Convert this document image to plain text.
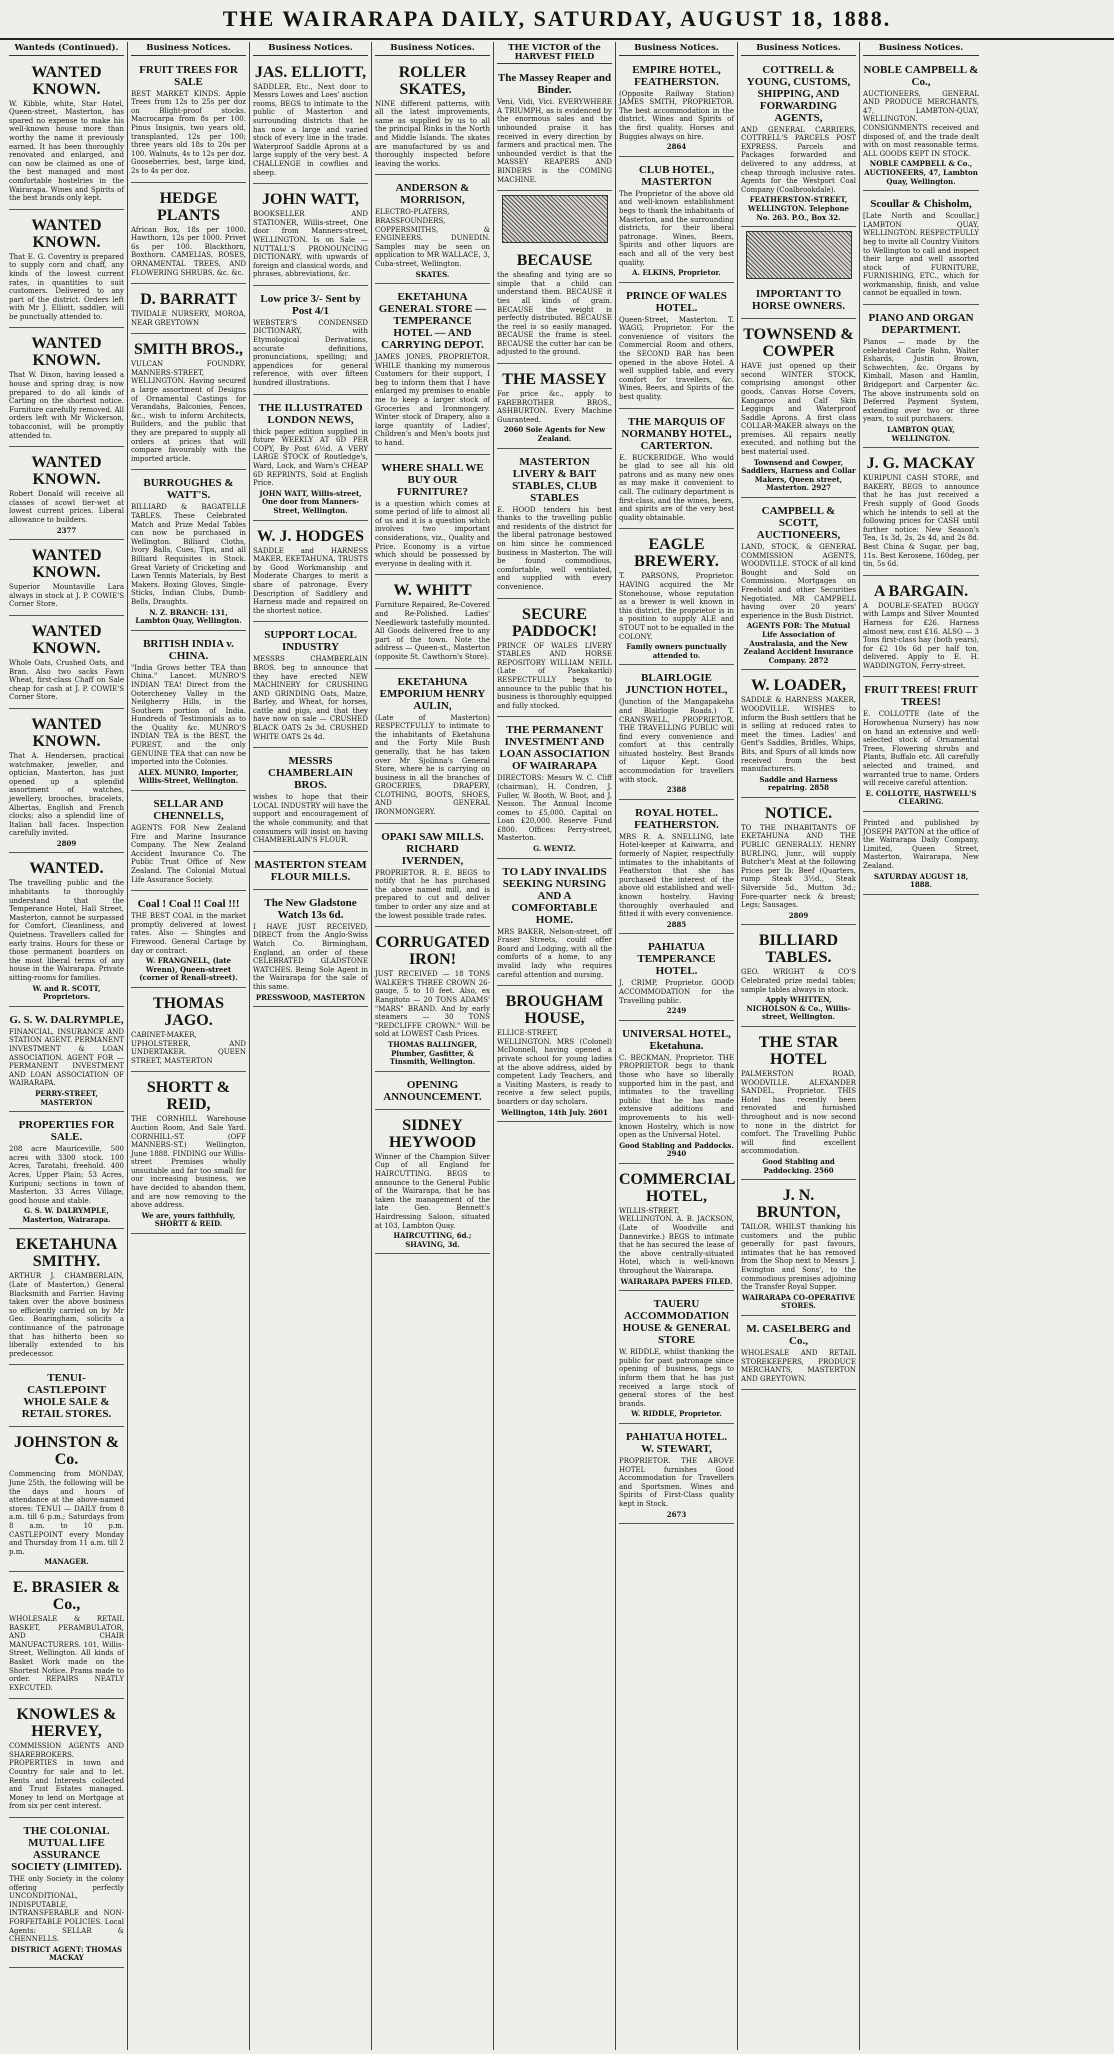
THE WAIRARAPA DAILY, SATURDAY, AUGUST 18, 1888.
Wanteds (Continued).
WANTED KNOWN.
W. Kibble, white, Star Hotel, Queen-street, Masterton, has spared no expense to make his well-known house more than worthy the name it previously earned. It has been thoroughly renovated and enlarged, and can now be claimed as one of the best managed and most comfortable hostelries in the Wairarapa. Wines and Spirits of the best brands only kept.
WANTED KNOWN.
That E. G. Coventry is prepared to supply corn and chaff, any kinds of the lowest current rates, in quantities to suit customers. Delivered to any part of the district. Orders left with Mr J. Elliott, saddler, will be punctually attended to.
WANTED KNOWN.
That W. Dixon, having leased a house and spring dray, is now prepared to do all kinds of Carting on the shortest notice. Furniture carefully removed. All orders left with Mr Wickerson, tobacconist, will be promptly attended to.
WANTED KNOWN.
Robert Donald will receive all classes of scowl tier-wet at lowest current prices. Liberal allowance to builders.
2377
WANTED KNOWN.
Superior Mountaville Lara always in stock at J. P. COWIE'S Corner Store.
WANTED KNOWN.
Whole Oats, Crushed Oats, and Bran. Also two sacks Fawn Wheat, first-class Chaff on Sale cheap for cash at J. P. COWIE'S Corner Store.
WANTED KNOWN.
That A. Hendersen, practical watchmaker, jeweller, and optician, Masterton, has just opened up a splendid assortment of watches, jewellery, brooches, bracelets, Albertas, English and French clocks; also a splendid line of Italian ball faces. Inspection carefully invited.
2809
WANTED.
The travelling public and the inhabitants to thoroughly understand that the Temperance Hotel, Hall Street, Masterton, cannot be surpassed for Comfort, Cleanliness, and Quietness. Travellers called for early trains. Hours for these or those permanent boarders on the most liberal terms of any house in the Wairarapa. Private sitting-rooms for families.
W. and R. SCOTT, Proprietors.
G. S. W. DALRYMPLE,
FINANCIAL, INSURANCE AND STATION AGENT. PERMANENT INVESTMENT & LOAN ASSOCIATION. AGENT FOR — PERMANENT INVESTMENT AND LOAN ASSOCIATION OF WAIRARAPA.
PERRY-STREET, MASTERTON
PROPERTIES FOR SALE.
208 acre Mauriceville, 500 acres with 3300 stock. 100 Acres, Taratahi, freehold. 400 Acres, Upper Plain; 53 Acres, Kuripuni; sections in town of Masterton. 33 Acres Village, good house and stable.
G. S. W. DALRYMPLE, Masterton, Wairarapa.
EKETAHUNA SMITHY.
ARTHUR J. CHAMBERLAIN, (Late of Masterton,) General Blacksmith and Farrier. Having taken over the above business so efficiently carried on by Mr Geo. Boaringham, solicits a continuance of the patronage that has hitherto been so liberally extended to his predecessor.
TENUI-CASTLEPOINT WHOLE SALE & RETAIL STORES.
JOHNSTON & Co.
Commencing from MONDAY, June 25th, the following will be the days and hours of attendance at the above-named stores: TENUI — DAILY from 8 a.m. till 6 p.m.; Saturdays from 8 a.m. to 10 p.m. CASTLEPOINT every Monday and Thursday from 11 a.m. till 2 p.m.
MANAGER.
E. BRASIER & Co.,
WHOLESALE & RETAIL BASKET, PERAMBULATOR, AND CHAIR MANUFACTURERS. 101, Willis-Street, Wellington. All kinds of Basket Work made on the Shortest Notice. Prams made to order. REPAIRS NEATLY EXECUTED.
KNOWLES & HERVEY,
COMMISSION AGENTS AND SHAREBROKERS. PROPERTIES in town and Country for sale and to let. Rents and Interests collected and Trust Estates managed. Money to lend on Mortgage at from six per cent interest.
THE COLONIAL MUTUAL LIFE ASSURANCE SOCIETY (LIMITED).
THE only Society in the colony offering perfectly UNCONDITIONAL, INDISPUTABLE, INTRANSFERABLE and NON-FORFEITABLE POLICIES. Local Agents: SELLAR & CHENNELLS.
DISTRICT AGENT: THOMAS MACKAY
Business Notices.
FRUIT TREES FOR SALE
BEST MARKET KINDS. Apple Trees from 12s to 25s per doz on Blight-proof stocks. Macrocarpa from 8s per 100. Pinus Insignis, two years old, transplanted, 12s per 100; three years old 18s to 20s per 100. Walnuts, 4s to 12s per doz. Gooseberries, best, large kind, 2s to 4s per doz.
HEDGE PLANTS
African Box, 18s per 1000. Hawthorn, 12s per 1000. Privet 6s per 100. Blackthorn, Boxthorn. CAMELIAS, ROSES, ORNAMENTAL TREES, AND FLOWERING SHRUBS, &c. &c.
D. BARRATT
TIVIDALE NURSERY, MOROA, NEAR GREYTOWN
SMITH BROS.,
VULCAN FOUNDRY, MANNERS-STREET, WELLINGTON. Having secured a large assortment of Designs of Ornamental Castings for Verandahs, Balconies, Fences, &c., wish to inform Architects, Builders, and the public that they are prepared to supply all orders at prices that will compare favourably with the imported article.
BURROUGHES & WATT'S.
BILLIARD & BAGATELLE TABLES. These Celebrated Match and Prize Medal Tables can now be purchased in Wellington. Billiard Cloths, Ivory Balls, Cues, Tips, and all Billiard Requisites in Stock. Great Variety of Cricketing and Lawn Tennis Materials, by Best Makers. Boxing Gloves, Single-Sticks, Indian Clubs, Dumb-Bells, Draughts.
N. Z. BRANCH: 131, Lambton Quay, Wellington.
BRITISH INDIA v. CHINA.
"India Grows better TEA than China." Lancet. MUNRO'S INDIAN TEA! Direct from the Ootercheney Valley in the Neilgherry Hills, in the Southern portion of India. Hundreds of Testimonials as to the Quality &c. MUNRO'S INDIAN TEA is the BEST, the PUREST, and the only GENUINE TEA that can now be imported into the Colonies.
ALEX. MUNRO, Importer, Willis-Street, Wellington.
SELLAR AND CHENNELLS,
AGENTS FOR New Zealand Fire and Marine Insurance Company. The New Zealand Accident Insurance Co. The Public Trust Office of New Zealand. The Colonial Mutual Life Assurance Society.
Coal ! Coal !! Coal !!!
THE BEST COAL in the market promptly delivered at lowest rates. Also — Shingles and Firewood. General Cartage by day or contract.
W. FRANGNELL, (late Wrenn), Queen-street (corner of Renall-street).
THOMAS JAGO.
CABINET-MAKER, UPHOLSTERER, AND UNDERTAKER. QUEEN STREET, MASTERTON
SHORTT & REID,
THE CORNHILL Warehouse Auction Room, And Sale Yard. CORNHILL-ST. (OFF MANNERS-ST.) Wellington, June 1888. FINDING our Willis-street Premises wholly unsuitable and far too small for our increasing business, we have decided to abandon them, and are now removing to the above address.
We are, yours faithfully, SHORTT & REID.
Business Notices.
JAS. ELLIOTT,
SADDLER, Etc., Next door to Messrs Lowes and Loes' auction rooms, BEGS to intimate to the public of Masterton and surrounding districts that he has now a large and varied stock of every line in the trade. Waterproof Saddle Aprons at a large supply of the very best. A CHALLENGE in cowflies and sheep.
JOHN WATT,
BOOKSELLER AND STATIONER, Willis-street, One door from Manners-street, WELLINGTON. Is on Sale — NUTTALL'S PRONOUNCING DICTIONARY, with upwards of foreign and classical words, and phrases, abbreviations, &c.
Low price 3/- Sent by Post 4/1
WEBSTER'S CONDENSED DICTIONARY, with Etymological Derivations, accurate definitions, pronunciations, spelling; and appendices for general reference, with over fifteen hundred illustrations.
THE ILLUSTRATED LONDON NEWS,
thick paper edition supplied in future WEEKLY AT 6D PER COPY, By Post 6½d. A VERY LARGE STOCK of Routledge's, Ward, Lock, and Warn's CHEAP 6D REPRINTS, Sold at English Price.
JOHN WATT, Willis-street, One door from Manners-Street, Wellington.
W. J. HODGES
SADDLE and HARNESS MAKER, EKETAHUNA, TRUSTS by Good Workmanship and Moderate Charges to merit a share of patronage. Every Description of Saddlery and Harness made and repaired on the shortest notice.
SUPPORT LOCAL INDUSTRY
MESSRS CHAMBERLAIN BROS. beg to announce that they have erected NEW MACHINERY for CRUSHING AND GRINDING Oats, Maize, Barley, and Wheat, for horses, cattle and pigs, and that they have now on sale — CRUSHED BLACK OATS 2s 3d. CRUSHED WHITE OATS 2s 4d.
MESSRS CHAMBERLAIN BROS.
wishes to hope that their LOCAL INDUSTRY will have the support and encouragement of the whole community, and that consumers will insist on having CHAMBERLAIN'S FLOUR.
MASTERTON STEAM FLOUR MILLS.
The New Gladstone Watch 13s 6d.
I HAVE JUST RECEIVED, DIRECT from the Anglo-Swiss Watch Co. Birmingham, England, an order of these CELEBRATED GLADSTONE WATCHES. Being Sole Agent in the Wairarapa for the sale of this same.
PRESSWOOD, MASTERTON
Business Notices.
ROLLER SKATES,
NINE different patterns, with all the latest improvements, same as supplied by us to all the principal Rinks in the North and Middle Islands. The skates are manufactured by us and thoroughly inspected before leaving the works.
ANDERSON & MORRISON,
ELECTRO-PLATERS, BRASSFOUNDERS, COPPERSMITHS, & ENGINEERS. DUNEDIN. Samples may be seen on application to MR WALLACE, 3, Cuba-street, Wellington.
SKATES.
EKETAHUNA GENERAL STORE — TEMPERANCE HOTEL — AND CARRYING DEPOT.
JAMES JONES, PROPRIETOR. WHILE thanking my numerous Customers for their support, I beg to inform them that I have enlarged my premises to enable me to keep a larger stock of Groceries and Ironmongery. Winter stock of Drapery, also a large quantity of Ladies', Children's and Men's boots just to hand.
WHERE SHALL WE BUY OUR FURNITURE?
is a question which comes at some period of life to almost all of us and it is a question which involves two important considerations, viz., Quality and Price. Economy is a virtue which should be possessed by everyone in dealing with it.
W. WHITT
Furniture Repaired, Re-Covered and Re-Polished. Ladies' Needlework tastefully mounted. All Goods delivered free to any part of the town. Note the address — Queen-st., Masterton (opposite St. Cawthorn's Store).
EKETAHUNA EMPORIUM HENRY AULIN,
(Late of Masterton) RESPECTFULLY to intimate to the inhabitants of Eketahuna and the Forty Mile Bush generally, that he has taken over Mr Sjolinna's General Store, where he is carrying on business in all the branches of GROCERIES, DRAPERY, CLOTHING, BOOTS, SHOES, AND GENERAL IRONMONGERY.
OPAKI SAW MILLS. RICHARD IVERNDEN,
PROPRIETOR. R. E. BEGS to notify that he has purchased the above named mill, and is prepared to cut and deliver timber to order any size and at the lowest possible trade rates.
CORRUGATED IRON!
JUST RECEIVED — 18 TONS WALKER'S THREE CROWN 26-gauge, 5 to 10 feet. Also, ex Rangitoto — 20 TONS ADAMS' "MARS" BRAND. And by early steamers — 30 TONS "REDCLIFFE CROWN." Will be sold at LOWEST Cash Prices.
THOMAS BALLINGER, Plumber, Gasfitter, & Tinsmith, Wellington.
OPENING ANNOUNCEMENT.
SIDNEY HEYWOOD
Winner of the Champion Silver Cup of all England for HAIRCUTTING. BEGS to announce to the General Public of the Wairarapa, that he has taken the management of the late Geo. Bennett's Hairdressing Saloon, situated at 103, Lambton Quay.
HAIRCUTTING, 6d.; SHAVING, 3d.
THE VICTOR of the HARVEST FIELD
The Massey Reaper and Binder.
Veni, Vidi, Vici. EVERYWHERE A TRIUMPH, as is evidenced by the enormous sales and the unbounded praise it has received in every direction by farmers and practical men. The unbounded verdict is that the MASSEY REAPERS AND BINDERS is the COMING MACHINE.
BECAUSE
the sheafing and tying are so simple that a child can understand them. BECAUSE it ties all kinds of grain. BECAUSE the weight is perfectly distributed. BECAUSE the reel is so easily managed. BECAUSE the frame is steel. BECAUSE the cutter bar can be adjusted to the ground.
THE MASSEY
For price &c., apply to FAREBROTHER BROS., ASHBURTON. Every Machine Guaranteed.
2060 Sole Agents for New Zealand.
MASTERTON LIVERY & BAIT STABLES, CLUB STABLES
E. HOOD tenders his best thanks to the travelling public and residents of the district for the liberal patronage bestowed on him since he commenced business in Masterton. The will be found commodious, comfortable, well ventilated, and supplied with every convenience.
SECURE PADDOCK!
PRINCE OF WALES LIVERY STABLES AND HORSE REPOSITORY WILLIAM NEILL (Late of Paekakariki) RESPECTFULLY begs to announce to the public that his business is thoroughly equipped and fully stocked.
THE PERMANENT INVESTMENT AND LOAN ASSOCIATION OF WAIRARAPA
DIRECTORS: Messrs W. C. Cliff (chairman), H. Condren, J. Fuller, W. Booth, W. Boot, and J. Nesson. The Annual Income comes to £5,000. Capital on Loan £20,000. Reserve Fund £800. Offices: Perry-street, Masterton.
G. WENTZ.
TO LADY INVALIDS SEEKING NURSING AND A COMFORTABLE HOME.
MRS BAKER, Nelson-street, off Fraser Streets, could offer Board and Lodging, with all the comforts of a home, to any invalid lady who requires careful attention and nursing.
BROUGHAM HOUSE,
ELLICE-STREET, WELLINGTON. MRS (Colonel) McDonnell, having opened a private school for young ladies at the above address, aided by competent Lady Teachers, and a Visiting Masters, is ready to receive a few select pupils, boarders or day scholars.
Wellington, 14th July. 2601
Business Notices.
EMPIRE HOTEL, FEATHERSTON.
(Opposite Railway Station) JAMES SMITH, PROPRIETOR. The best accommodation in the district. Wines and Spirits of the first quality. Horses and Buggies always on hire.
2864
CLUB HOTEL, MASTERTON
The Proprietor of the above old and well-known establishment begs to thank the inhabitants of Masterton, and the surrounding districts, for their liberal patronage. Wines, Beers, Spirits and other liquors are each and all of the very best quality.
A. ELKINS, Proprietor.
PRINCE OF WALES HOTEL.
Queen-Street, Masterton. T. WAGG, Proprietor. For the convenience of visitors the Commercial Room and others, the SECOND BAR has been opened in the above Hotel. A well supplied table, and every comfort for travellers, &c. Wines, Beers, and Spirits of the best quality.
THE MARQUIS OF NORMANBY HOTEL, CARTERTON.
E. BUCKERIDGE. Who would be glad to see all his old patrons and as many new ones as may make it convenient to call. The culinary department is first-class, and the wines, beers, and spirits are of the very best quality obtainable.
EAGLE BREWERY.
T. PARSONS, Proprietor. HAVING acquired the Mr Stonehouse, whose reputation as a brewer is well known in this district, the proprietor is in a position to supply ALE and STOUT not to be equalled in the COLONY.
Family owners punctually attended to.
BLAIRLOGIE JUNCTION HOTEL,
(Junction of the Mangapakeha and Blairlogie Roads.) T. CRANSWELL, PROPRIETOR. THE TRAVELLING PUBLIC will find every convenience and comfort at this centrally situated hostelry. Best Brands of Liquor Kept. Good accommodation for travellers with stock.
2388
ROYAL HOTEL. FEATHERSTON.
MRS R. A. SNELLING, late Hotel-keeper at Kaiwarra, and formerly of Napier, respectfully intimates to the inhabitants of Featherston that she has purchased the interest of the above old established and well-known hostelry. Having thoroughly overhauled and fitted it with every convenience.
2885
PAHIATUA TEMPERANCE HOTEL.
J. CRIMP, Proprietor. GOOD ACCOMMODATION for the Travelling public.
2249
UNIVERSAL HOTEL, Eketahuna.
C. BECKMAN, Proprietor. THE PROPRIETOR begs to thank those who have so liberally supported him in the past, and intimates to the travelling public that he has made extensive additions and improvements to his well-known Hostelry, which is now open as the Universal Hotel.
Good Stabling and Paddocks. 2940
COMMERCIAL HOTEL,
WILLIS-STREET, WELLINGTON. A. B. JACKSON, (Late of Woodville and Dannevirke.) BEGS to intimate that he has secured the lease of the above centrally-situated Hotel, which is well-known throughout the Wairarapa.
WAIRARAPA PAPERS FILED.
TAUERU ACCOMMODATION HOUSE & GENERAL STORE
W. RIDDLE, whilst thanking the public for past patronage since opening of business, begs to inform them that he has just received a large stock of general stores of the best brands.
W. RIDDLE, Proprietor.
PAHIATUA HOTEL. W. STEWART,
PROPRIETOR. THE ABOVE HOTEL furnishes Good Accommodation for Travellers and Sportsmen. Wines and Spirits of First-Class quality kept in Stock.
2673
Business Notices.
COTTRELL & YOUNG, CUSTOMS, SHIPPING, AND FORWARDING AGENTS,
AND GENERAL CARRIERS, COTTRELL'S PARCELS POST EXPRESS. Parcels and Packages forwarded and delivered to any address, at cheap through inclusive rates. Agents for the Westport Coal Company (Coalbrookdale).
FEATHERSTON-STREET, WELLINGTON. Telephone No. 263. P.O., Box 32.
IMPORTANT TO HORSE OWNERS.
TOWNSEND & COWPER
HAVE just opened up their second WINTER STOCK, comprising amongst other goods, Canvas Horse Covers, Kangaroo and Calf Skin Leggings and Waterproof Saddle Aprons. A first class COLLAR-MAKER always on the premises. All repairs neatly executed, and nothing but the best material used.
Townsend and Cowper, Saddlers, Harness and Collar Makers, Queen street, Masterton. 2927
CAMPBELL & SCOTT, AUCTIONEERS,
LAND, STOCK, & GENERAL COMMISSION AGENTS, WOODVILLE. STOCK of all kind Bought and Sold on Commission. Mortgages on Freehold and other Securities Negotiated. MR CAMPBELL having over 20 years' experience in the Bush District.
AGENTS FOR: The Mutual Life Association of Australasia, and the New Zealand Accident Insurance Company. 2872
W. LOADER,
SADDLE & HARNESS MAKER, WOODVILLE. WISHES to inform the Bush settlers that he is selling at reduced rates to meet the times. Ladies' and Gent's Saddles, Bridles, Whips, Bits, and Spurs of all kinds now received from the best manufacturers.
Saddle and Harness repairing. 2858
NOTICE.
TO THE INHABITANTS OF EKETAHUNA AND THE PUBLIC GENERALLY. HENRY BURLING, Junr., will supply Butcher's Meat at the following Prices per lb: Beef (Quarters, rump Steak 3½d., Steak Silverside 5d., Mutton 3d.; Fore-quarter neck & breast; Legs; Sausages.
2809
BILLIARD TABLES.
GEO. WRIGHT & CO'S Celebrated prize medal tables; sample tables always in stock.
Apply WHITTEN, NICHOLSON & Co., Willis-street, Wellington.
THE STAR HOTEL
PALMERSTON ROAD, WOODVILLE. ALEXANDER SANDEL, Proprietor. THIS Hotel has recently been renovated and furnished throughout and is now second to none in the district for comfort. The Travelling Public will find excellent accommodation.
Good Stabling and Paddocking. 2560
J. N. BRUNTON,
TAILOR, WHILST thanking his customers and the public generally for past favours, intimates that he has removed from the Shop next to Messrs J. Ewington and Sons', to the commodious premises adjoining the Transfer Royal Supper.
WAIRARAPA CO-OPERATIVE STORES.
M. CASELBERG and Co.,
WHOLESALE AND RETAIL STOREKEEPERS, PRODUCE MERCHANTS, MASTERTON AND GREYTOWN.
Business Notices.
NOBLE CAMPBELL & Co.,
AUCTIONEERS, GENERAL AND PRODUCE MERCHANTS, 47, LAMBTON-QUAY, WELLINGTON. CONSIGNMENTS received and disposed of, and the trade dealt with on most reasonable terms. ALL GOODS KEPT IN STOCK.
NOBLE CAMPBELL & Co., AUCTIONEERS, 47, Lambton Quay, Wellington.
Scoullar & Chisholm,
[Late North and Scoullar,] LAMBTON QUAY, WELLINGTON. RESPECTFULLY beg to invite all Country Visitors to Wellington to call and inspect their large and well assorted stock of FURNITURE, FURNISHING, ETC., which for workmanship, finish, and value cannot be equalled in town.
PIANO AND ORGAN DEPARTMENT.
Pianos — made by the celebrated Carle Rohn, Walter Eshards, Justin Brown, Schwechten, &c. Organs by Kimball, Mason and Hamlin, Bridgeport and Carpenter &c. The above instruments sold on Deferred Payment System, extending over two or three years, to suit purchasers.
LAMBTON QUAY, WELLINGTON.
J. G. MACKAY
KURIPUNI CASH STORE, and BAKERY, BEGS to announce that he has just received a Fresh supply of Good Goods which he intends to sell at the following prices for CASH until further notice: New Season's Tea, 1s 3d, 2s, 2s 4d, and 2s 8d. Best China & Sugar, per bag, 11s. Best Kerosene, 160deg, per tin, 5s 6d.
A BARGAIN.
A DOUBLE-SEATED BUGGY with Lamps and Silver Mounted Harness for £26. Harness almost new, cost £16. ALSO — 3 Tons first-class hay (both years), for £2 10s 6d per half ton, delivered. Apply to E. H. WADDINGTON, Ferry-street.
FRUIT TREES! FRUIT TREES!
E. COLLOTTE (late of the Horowhenua Nursery) has now on hand an extensive and well-selected stock of Ornamental Trees, Flowering shrubs and Plants, Buffalo etc. All carefully selected and trained, and warranted true to name. Orders will receive careful attention.
E. COLLOTTE, HASTWELL'S CLEARING.
Printed and published by JOSEPH PAYTON at the office of the Wairarapa Daily Company, Limited, Queen Street, Masterton, Wairarapa, New Zealand.
SATURDAY AUGUST 18, 1888.
